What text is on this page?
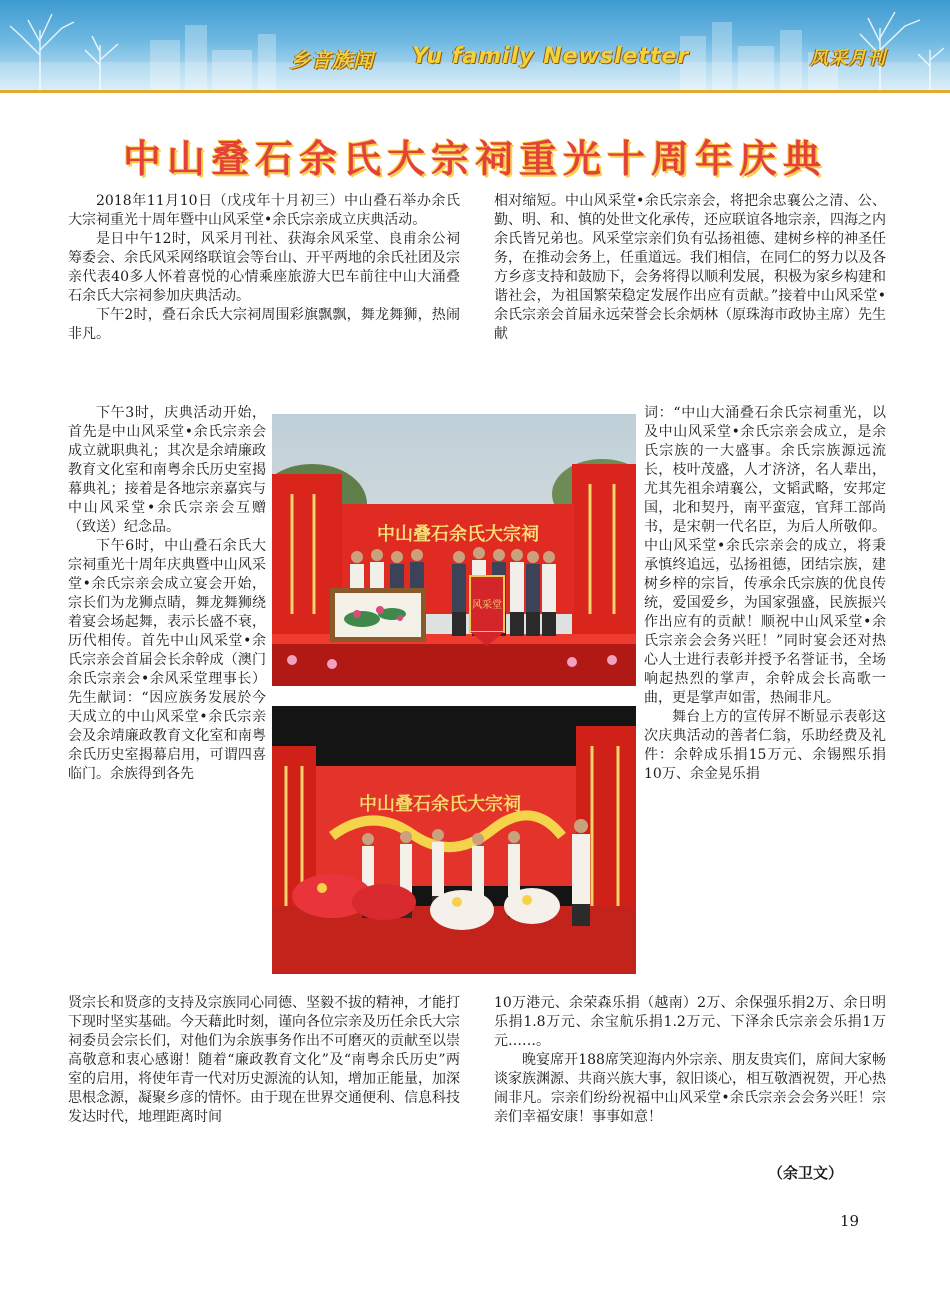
乡音族闻 Yu family Newsletter	风采月刊
中山叠石余氏大宗祠重光十周年庆典

2018年11月10日（戊戌年十月初三）中山叠石举办余氏大宗祠重光十周年暨中山风采堂•余氏宗亲成立庆典活动。

是日中午12时，风采月刊社、获海余风采堂、良甫余公祠筹委会、余氏风采网络联谊会等台山、开平两地的余氏社团及宗亲代表40多人怀着喜悦的心情乘座旅游大巴车前往中山大涌叠石余氏大宗祠参加庆典活动。

下午2时，叠石余氏大宗祠周围彩旗飘飘，舞龙舞狮，热闹非凡。

下午3时，庆典活动开始，首先是中山风采堂•余氏宗亲会成立就职典礼；其次是余靖廉政教育文化室和南粤余氏历史室揭幕典礼；接着是各地宗亲嘉宾与中山风采堂•余氏宗亲会互赠（致送）纪念品。

下午6时，中山叠石余氏大宗祠重光十周年庆典暨中山风采堂•余氏宗亲会成立宴会开始，宗长们为龙狮点睛，舞龙舞狮绕着宴会场起舞，表示长盛不衰，历代相传。首先中山风采堂•余氏宗亲会首届会长余幹成（澳门余氏宗亲会•余风采堂理事长）先生献词：“因应族务发展於今天成立的中山风采堂•余氏宗亲会及余靖廉政教育文化室和南粤余氏历史室揭幕启用，可谓四喜临门。余族得到各先

贤宗长和贤彦的支持及宗族同心同德、坚毅不拔的精神，才能打下现时坚实基础。今天藉此时刻，谨向各位宗亲及历任余氏大宗祠委员会宗长们，对他们为余族事务作出不可磨灭的贡献至以崇高敬意和衷心感谢！随着“廉政教育文化”及“南粤余氏历史”两室的启用，将使年青一代对历史源流的认知，增加正能量，加深思根念源，凝聚乡彦的情怀。由于现在世界交通便利、信息科技发达时代，地理距离时间

相对缩短。中山风采堂•余氏宗亲会，将把余忠襄公之清、公、勤、明、和、慎的处世文化承传，还应联谊各地宗亲，四海之内余氏皆兄弟也。风采堂宗亲们负有弘扬祖德、建树乡梓的神圣任务，在推动会务上，任重道远。我们相信，在同仁的努力以及各方乡彦支持和鼓励下，会务将得以顺利发展，积极为家乡构建和谐社会，为祖国繁荣稳定发展作出应有贡献。”接着中山风采堂•余氏宗亲会首届永远荣誉会长余炳林（原珠海市政协主席）先生献

词：“中山大涌叠石余氏宗祠重光，以及中山风采堂•余氏宗亲会成立，是余氏宗族的一大盛事。余氏宗族源远流长，枝叶茂盛，人才济济，名人辈出，尤其先祖余靖襄公，文韬武略，安邦定国，北和契丹，南平蛮寇，官拜工部尚书，是宋朝一代名臣，为后人所敬仰。中山风采堂•余氏宗亲会的成立，将秉承慎终追远，弘扬祖德，团结宗族，建树乡梓的宗旨，传承余氏宗族的优良传统，爱国爱乡，为国家强盛，民族振兴作出应有的贡献！顺祝中山风采堂•余氏宗亲会会务兴旺！”同时宴会还对热心人士进行表彰并授予名誉证书，全场响起热烈的掌声，余幹成会长高歌一曲，更是掌声如雷，热闹非凡。

舞台上方的宣传屏不断显示表彰这次庆典活动的善者仁翁，乐助经费及礼件：余幹成乐捐15万元、余锡熙乐捐10万、余金晃乐捐

10万港元、余荣森乐捐（越南）2万、余保强乐捐2万、余日明乐捐1.8万元、余宝航乐捐1.2万元、下泽余氏宗亲会乐捐1万元……。

晚宴席开188席笑迎海内外宗亲、朋友贵宾们，席间大家畅谈家族渊源、共商兴族大事，叙旧谈心，相互敬酒祝贺，开心热闹非凡。宗亲们纷纷祝福中山风采堂•余氏宗亲会会务兴旺！宗亲们幸福安康！事事如意！

中山叠石余氏大宗祠
风采堂
中山叠石余氏大宗祠
（余卫文）
19
